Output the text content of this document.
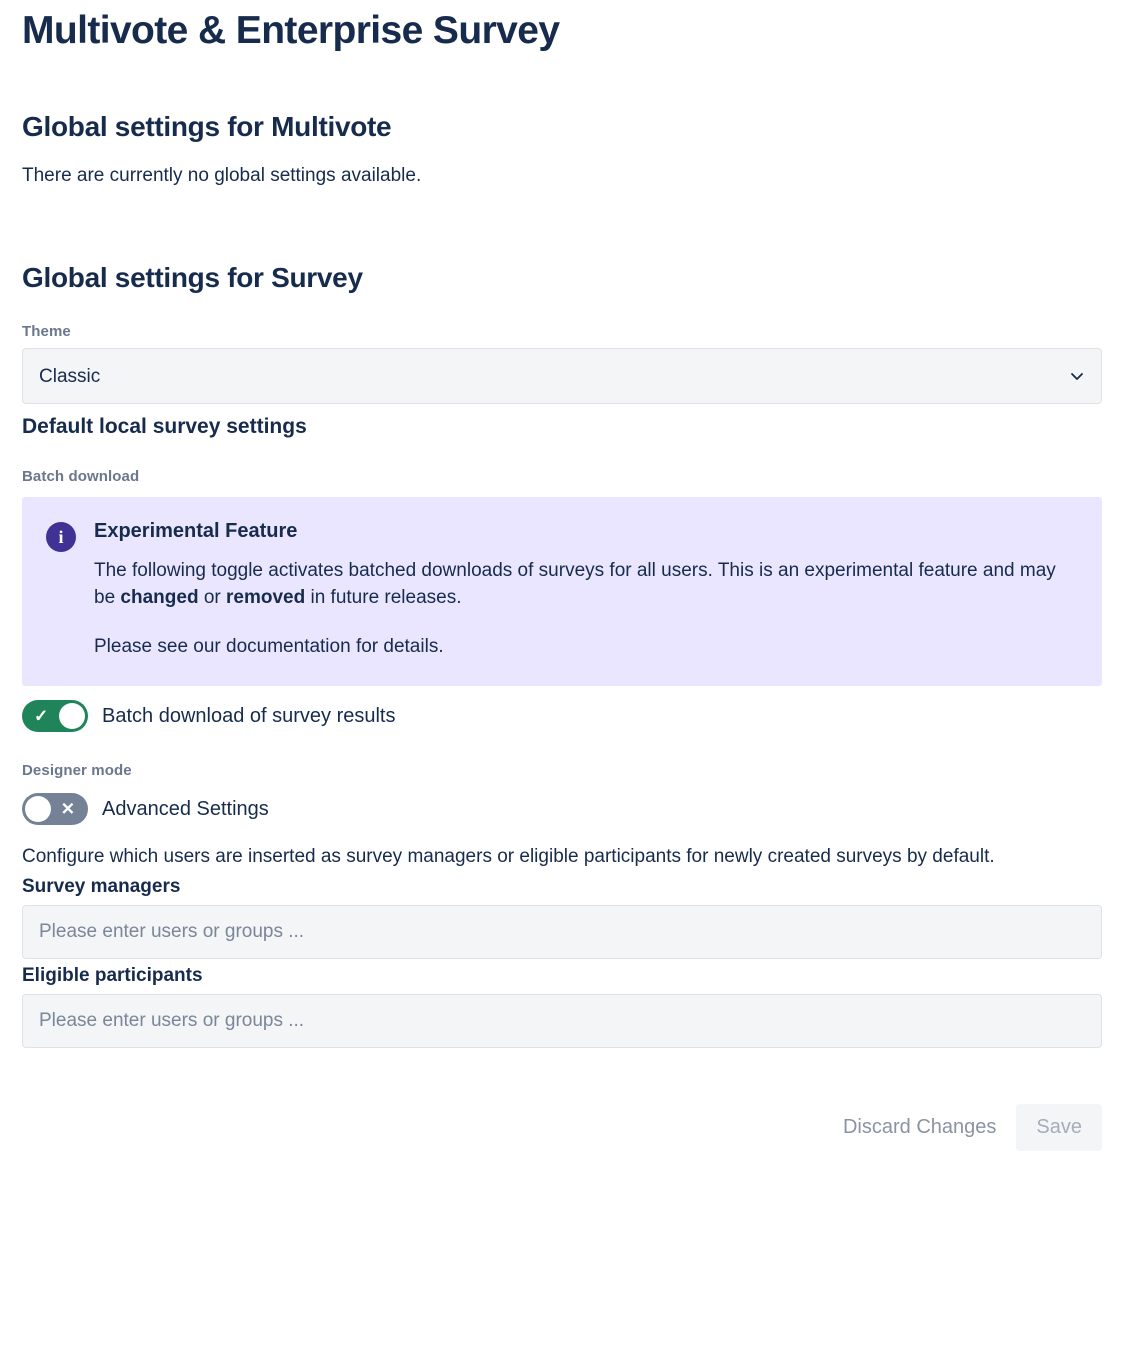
Multivote & Enterprise Survey
Global settings for Multivote

There are currently no global settings available.

Global settings for Survey

Theme

Classic
Default local survey settings

Batch download

i	Experimental Feature

The following toggle activates batched downloads of surveys for all users. This is an experimental feature and may be changed or removed in future releases.

Please see our documentation for details.

✓	Batch download of survey results

Designer mode

✕ Advanced Settings

Configure which users are inserted as survey managers or eligible participants for newly created surveys by default.

Survey managers

Please enter users or groups ...

Eligible participants

Please enter users or groups ...
Discard Changes	Save
